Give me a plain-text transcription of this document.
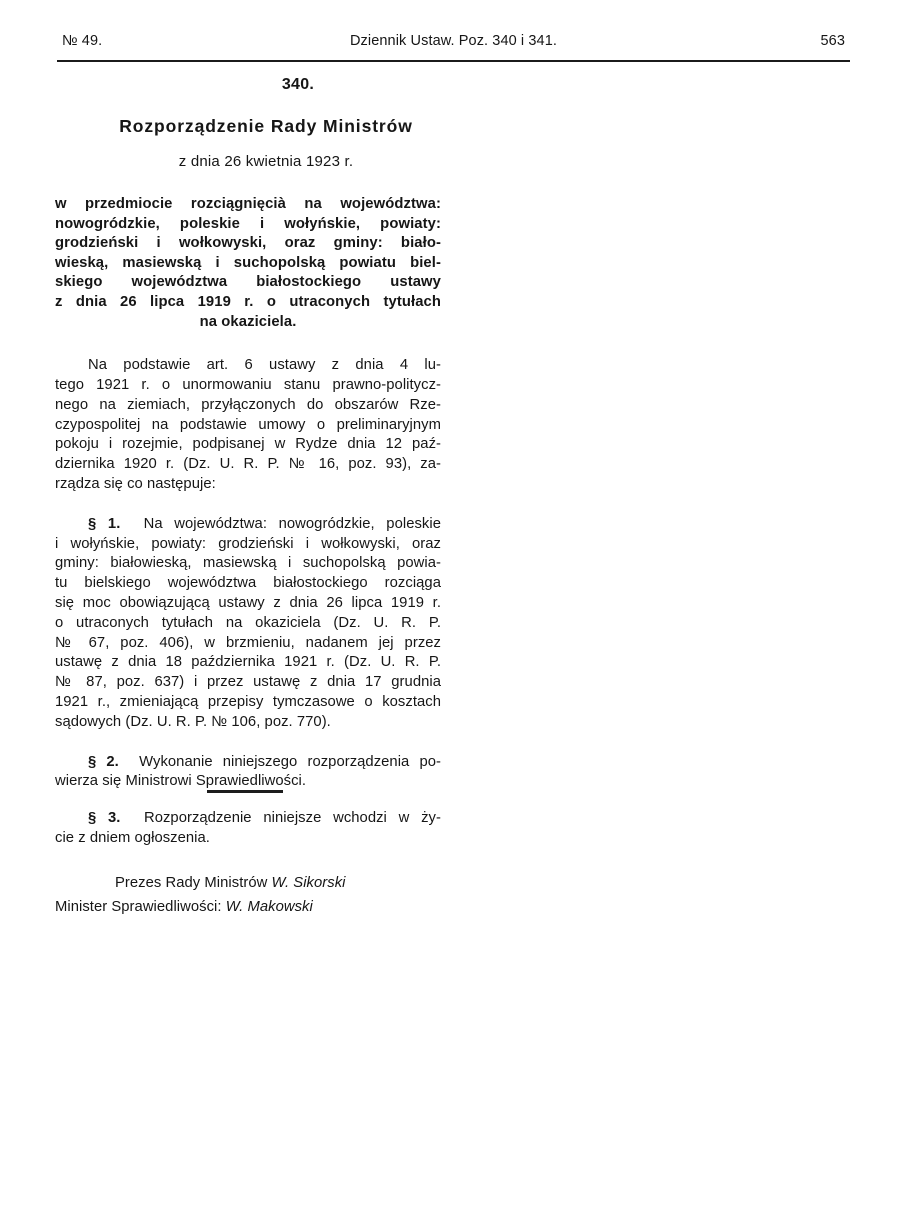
№ 49.	Dziennik Ustaw. Poz. 340 i 341.	563
340.
Rozporządzenie Rady Ministrów
z dnia 26 kwietnia 1923 r.
w przedmiocie rozciągnięcià na województwa:
nowogródzkie, poleskie i wołyńskie, powiaty:
grodzieński i wołkowyski, oraz gminy: biało-
wieską, masiewską i suchopolską powiatu biel-
skiego województwa białostockiego ustawy
z dnia 26 lipca 1919 r. o utraconych tytułach
na okaziciela.
Na podstawie art. 6 ustawy z dnia 4 lu-
tego 1921 r. o unormowaniu stanu prawno-politycz-
nego na ziemiach, przyłączonych do obszarów Rze-
czypospolitej na podstawie umowy o preliminaryjnym
pokoju i rozejmie, podpisanej w Rydze dnia 12 paź-
dziernika 1920 r. (Dz. U. R. P. № 16, poz. 93), za-
rządza się co następuje:
§ 1. Na województwa: nowogródzkie, poleskie
i wołyńskie, powiaty: grodzieński i wołkowyski, oraz
gminy: białowieską, masiewską i suchopolską powia-
tu bielskiego województwa białostockiego rozciąga
się moc obowiązującą ustawy z dnia 26 lipca 1919 r.
o utraconych tytułach na okaziciela (Dz. U. R. P.
№ 67, poz. 406), w brzmieniu, nadanem jej przez
ustawę z dnia 18 października 1921 r. (Dz. U. R. P.
№ 87, poz. 637) i przez ustawę z dnia 17 grudnia
1921 r., zmieniającą przepisy tymczasowe o kosztach
sądowych (Dz. U. R. P. № 106, poz. 770).
§ 2. Wykonanie niniejszego rozporządzenia po-
wierza się Ministrowi Sprawiedliwości.
§ 3. Rozporządzenie niniejsze wchodzi w ży-
cie z dniem ogłoszenia.
Prezes Rady Ministrów W. Sikorski
Minister Sprawiedliwości: W. Makowski
